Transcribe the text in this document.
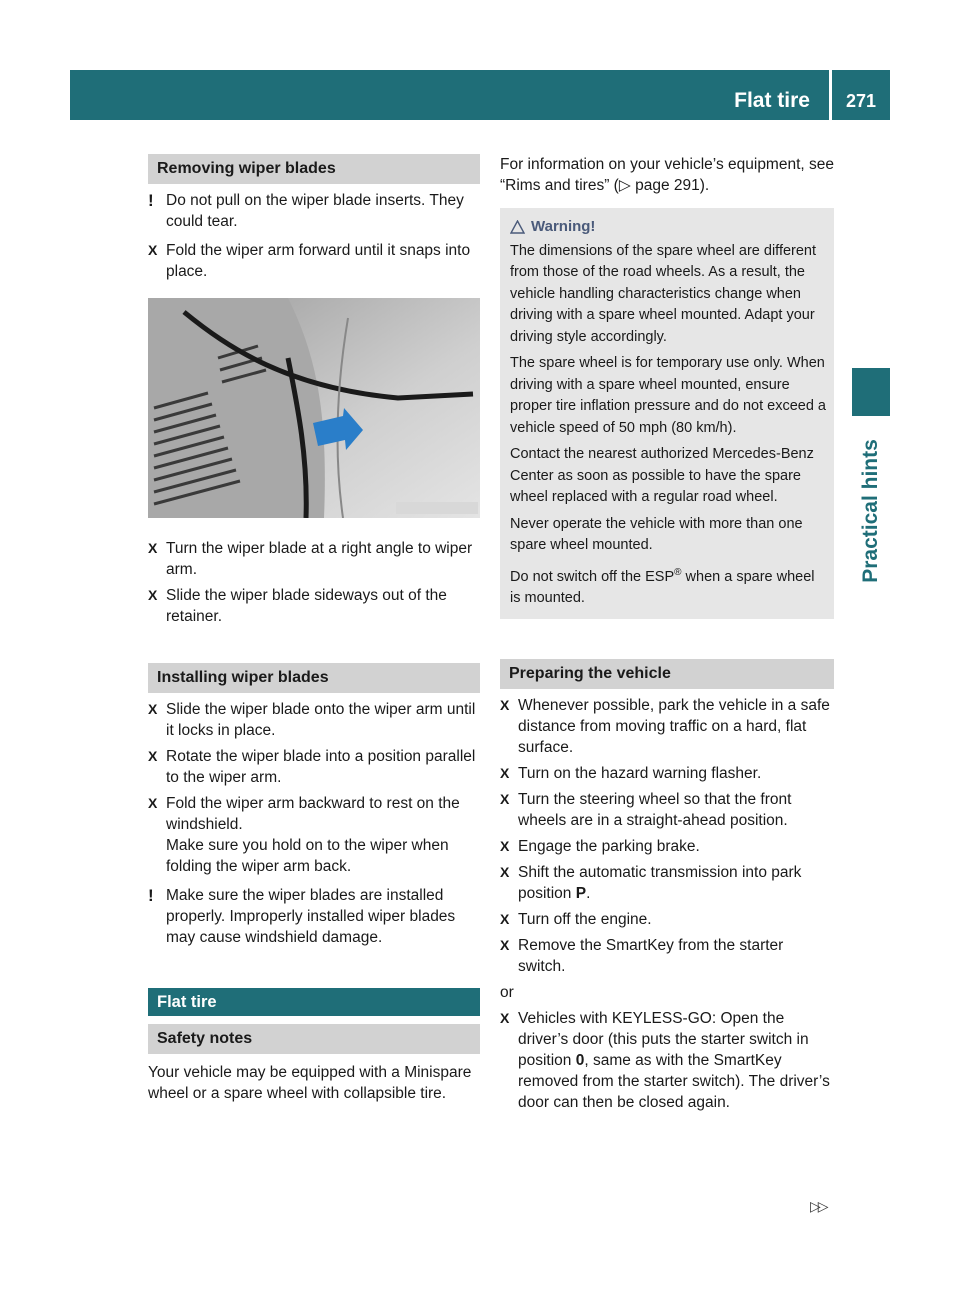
Flat tire	271
Practical hints
Removing wiper blades
! Do not pull on the wiper blade inserts. They could tear.
X Fold the wiper arm forward until it snaps into place.
X Turn the wiper blade at a right angle to wiper arm.
X Slide the wiper blade sideways out of the retainer.
Installing wiper blades
X Slide the wiper blade onto the wiper arm until it locks in place.
X Rotate the wiper blade into a position parallel to the wiper arm.
X Fold the wiper arm backward to rest on the windshield.

Make sure you hold on to the wiper when folding the wiper arm back.

! Make sure the wiper blades are installed properly. Improperly installed wiper blades may cause windshield damage.
Flat tire
Safety notes

Your vehicle may be equipped with a Minispare wheel or a spare wheel with collapsible tire.

For information on your vehicle’s equipment, see “Rims and tires” (▷ page 291).

Warning!

The dimensions of the spare wheel are different from those of the road wheels. As a result, the vehicle handling characteristics change when driving with a spare wheel mounted. Adapt your driving style accordingly.

The spare wheel is for temporary use only. When driving with a spare wheel mounted, ensure proper tire inflation pressure and do not exceed a vehicle speed of 50 mph (80 km/h).

Contact the nearest authorized Mercedes-Benz Center as soon as possible to have the spare wheel replaced with a regular road wheel.

Never operate the vehicle with more than one spare wheel mounted.

Do not switch off the ESP® when a spare wheel is mounted.

Preparing the vehicle
X Whenever possible, park the vehicle in a safe distance from moving traffic on a hard, flat surface.
X Turn on the hazard warning flasher.
X Turn the steering wheel so that the front wheels are in a straight-ahead position.
X Engage the parking brake.
X Shift the automatic transmission into park position P.
X Turn off the engine.
X Remove the SmartKey from the starter switch.

or

X Vehicles with KEYLESS-GO: Open the driver’s door (this puts the starter switch in position 0, same as with the SmartKey removed from the starter switch). The driver’s door can then be closed again.
▷▷
